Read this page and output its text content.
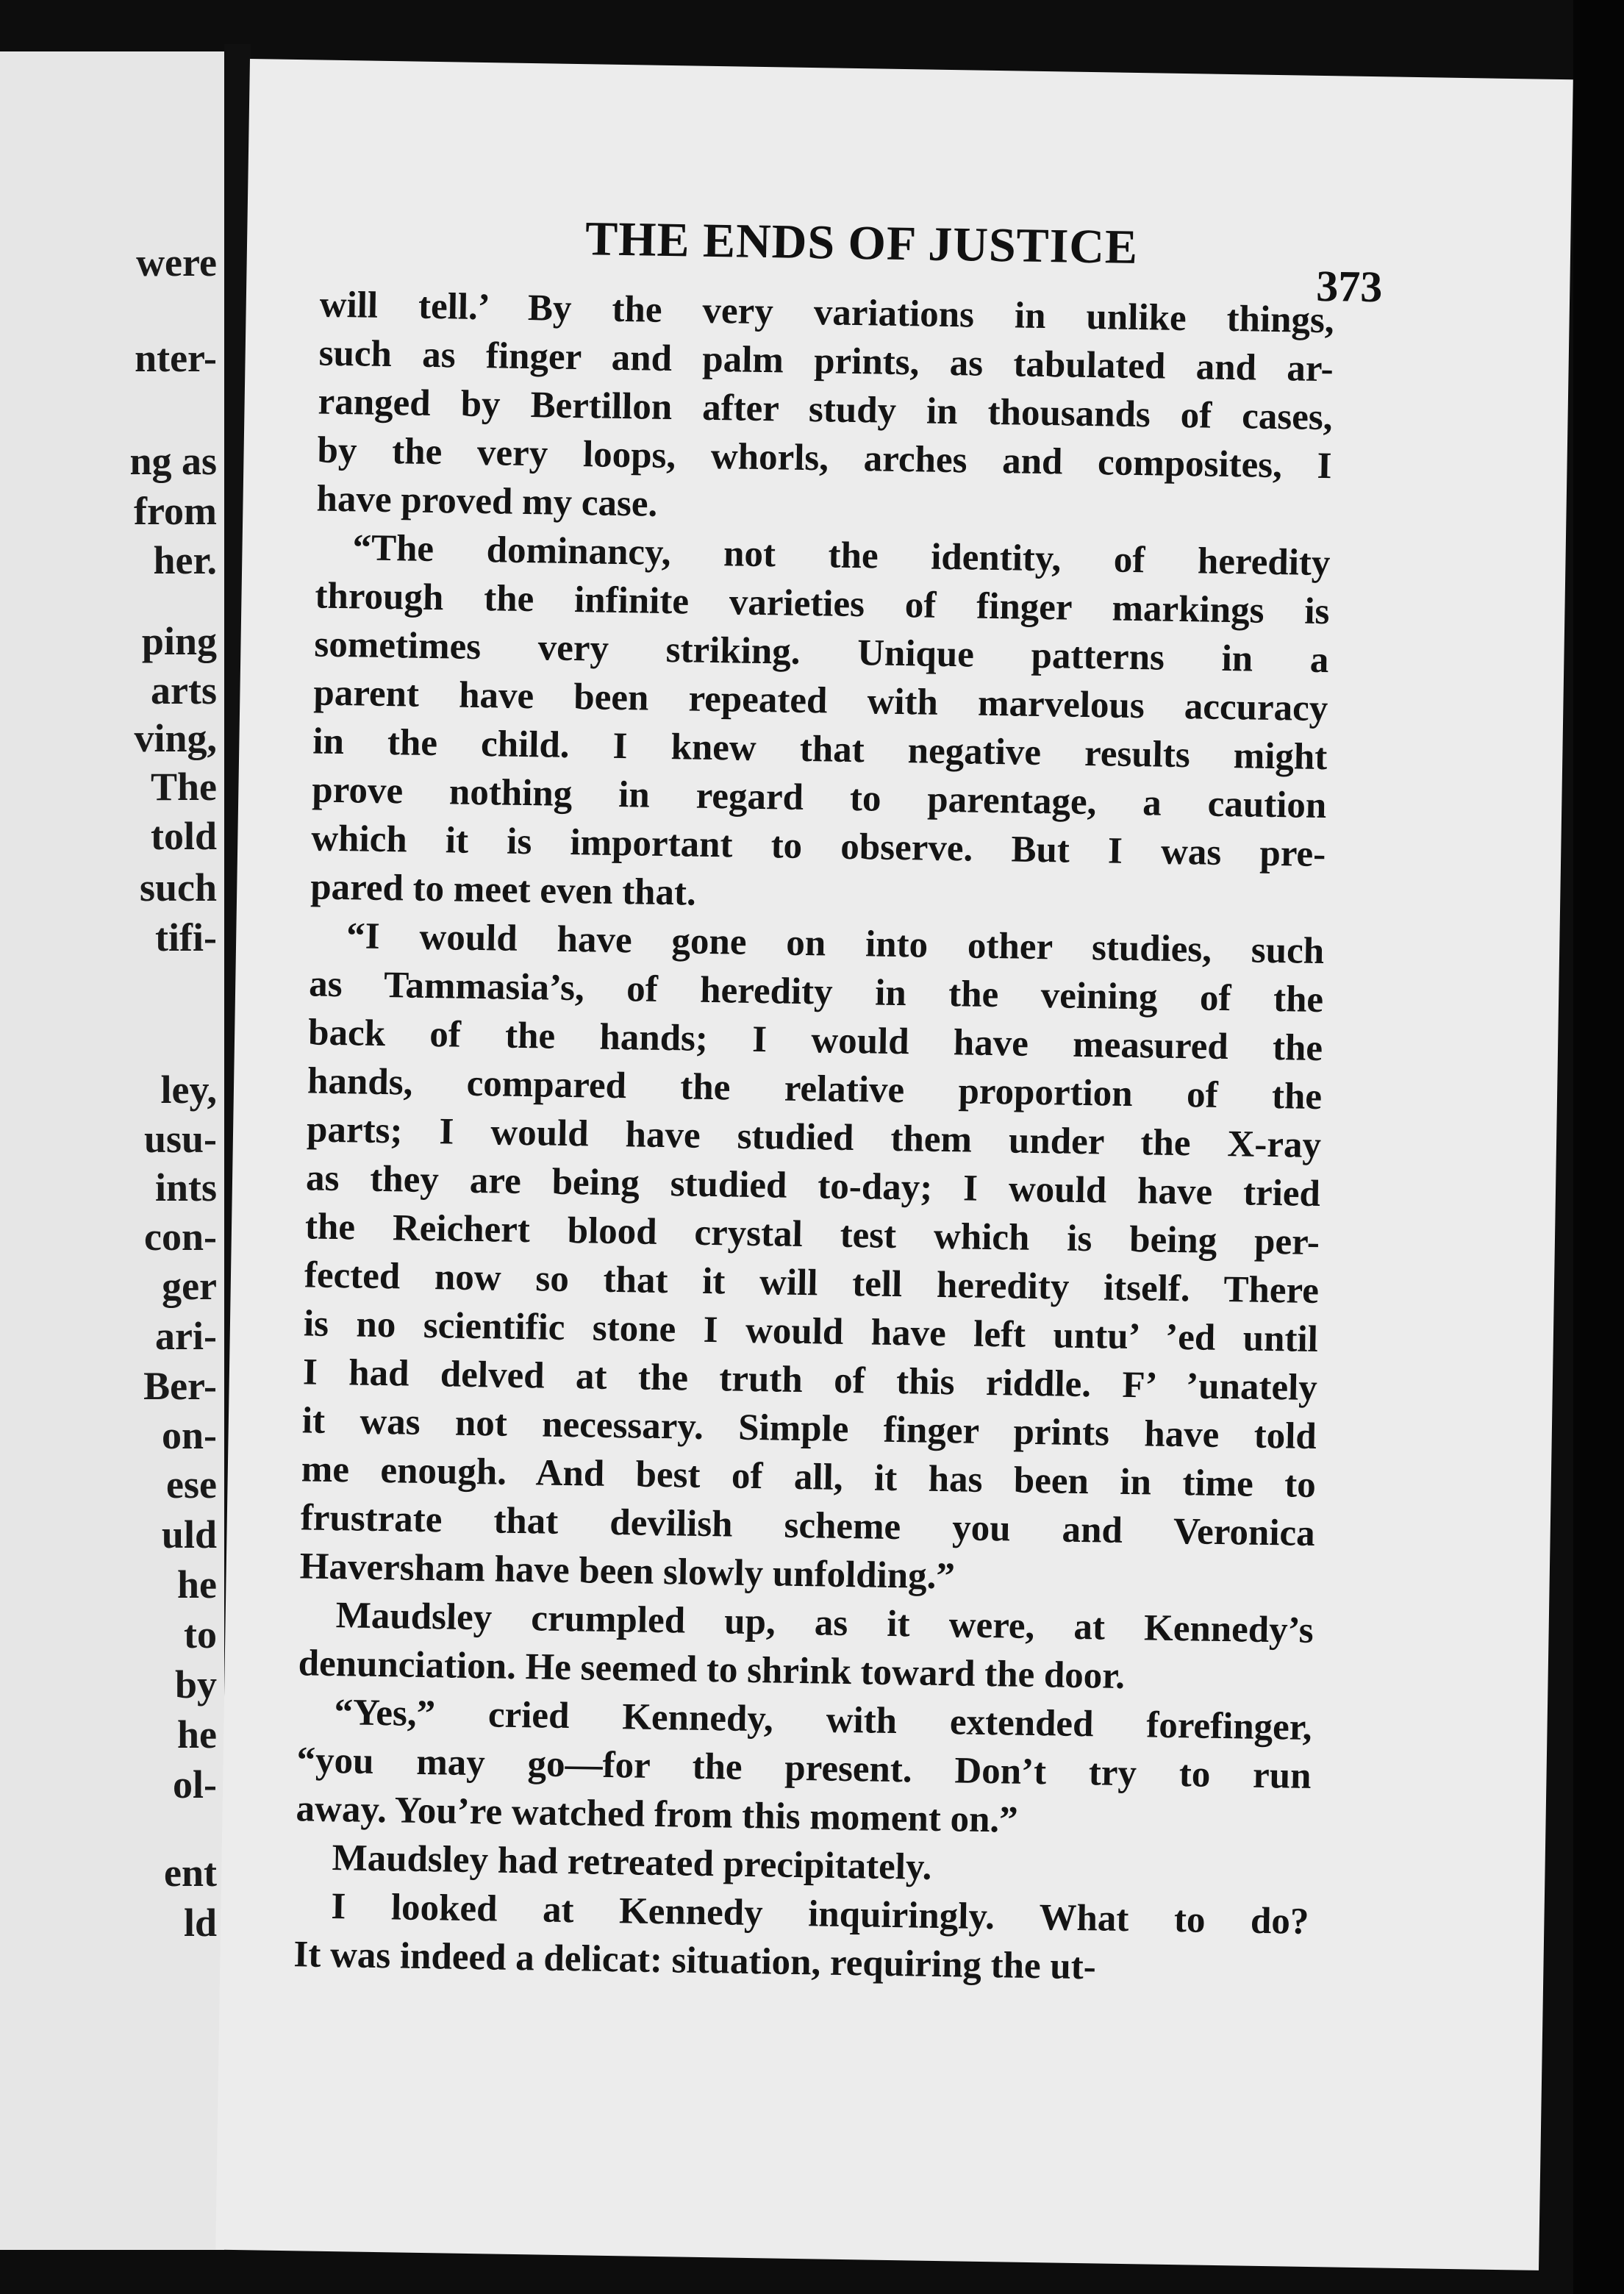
were
nter-
ng as
from
her.
ping
arts
ving,
The
told
such
tifi-
ley,
usu-
ints
con-
ger
ari-
Ber-
on-
ese
uld
he
to
by
he
ol-
ent
ld
THE ENDS OF JUSTICE
373
will tell.’ By the very variations in unlike things,
such as finger and palm prints, as tabulated and ar-
ranged by Bertillon after study in thousands of cases,
by the very loops, whorls, arches and composites, I
have proved my case.
“The dominancy, not the identity, of heredity
through the infinite varieties of finger markings is
sometimes very striking. Unique patterns in a
parent have been repeated with marvelous accuracy
in the child. I knew that negative results might
prove nothing in regard to parentage, a caution
which it is important to observe. But I was pre-
pared to meet even that.
“I would have gone on into other studies, such
as Tammasia’s, of heredity in the veining of the
back of the hands; I would have measured the
hands, compared the relative proportion of the
parts; I would have studied them under the X-ray
as they are being studied to-day; I would have tried
the Reichert blood crystal test which is being per-
fected now so that it will tell heredity itself. There
is no scientific stone I would have left untu’ ’ed until
I had delved at the truth of this riddle. F’ ’unately
it was not necessary. Simple finger prints have told
me enough. And best of all, it has been in time to
frustrate that devilish scheme you and Veronica
Haversham have been slowly unfolding.”
Maudsley crumpled up, as it were, at Kennedy’s
denunciation. He seemed to shrink toward the door.
“Yes,” cried Kennedy, with extended forefinger,
“you may go—for the present. Don’t try to run
away. You’re watched from this moment on.”
Maudsley had retreated precipitately.
I looked at Kennedy inquiringly. What to do?
It was indeed a delicat: situation, requiring the ut-
